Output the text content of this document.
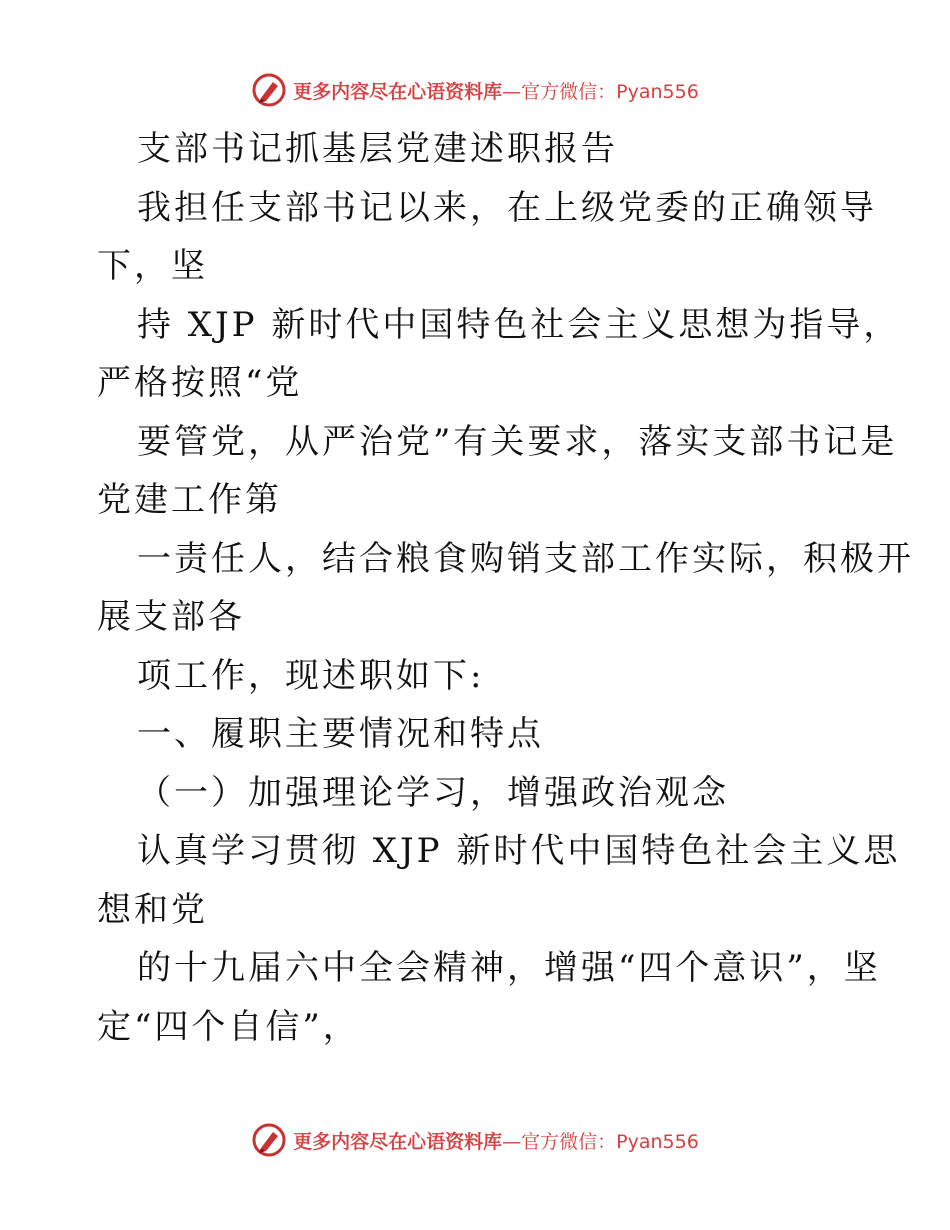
更多内容尽在心语资料库—官方微信：Pyan556
支部书记抓基层党建述职报告
我担任支部书记以来，在上级党委的正确领导
下，坚
持 XJP 新时代中国特色社会主义思想为指导，
严格按照“党
要管党，从严治党”有关要求，落实支部书记是
党建工作第
一责任人，结合粮食购销支部工作实际，积极开
展支部各
项工作，现述职如下:
一、履职主要情况和特点
（一）加强理论学习，增强政治观念
认真学习贯彻 XJP 新时代中国特色社会主义思
想和党
的十九届六中全会精神，增强“四个意识”，坚
定“四个自信”，
更多内容尽在心语资料库—官方微信：Pyan556
